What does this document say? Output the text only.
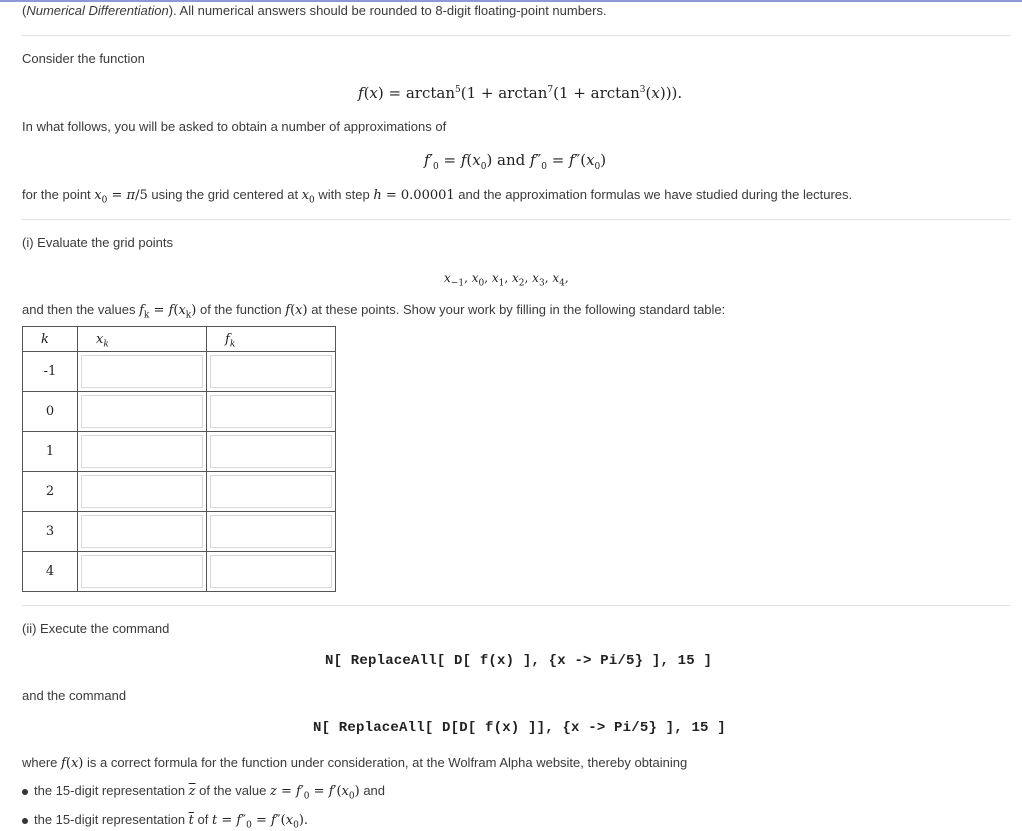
(Numerical Differentiation). All numerical answers should be rounded to 8-digit floating-point numbers.
Consider the function
$f(x) = \arctan^5(1 + \arctan^7(1 + \arctan^3(x)))$.
In what follows, you will be asked to obtain a number of approximations of
$f'_0 = f(x_0)$ and $f''_0 = f''(x_0)$
for the point $x_0 = \pi/5$ using the grid centered at $x_0$ with step h = 0.00001 and the approximation formulas we have studied during the lectures.
(i) Evaluate the grid points
$x_{-1}$, $x_0$, $x_1$, $x_2$, $x_3$, $x_4$,
and then the values $f_k = f(x_k)$ of the function f(x) at these points. Show your work by filling in the following standard table:
k	$x_k$	$f_k$
-1	

0	

1	

2	

3	

4	

(ii) Execute the command
N[ ReplaceAll[ D[ f(x) ], {x -> Pi/5} ], 15 ]
and the command
N[ ReplaceAll[ D[D[ f(x) ]], {x -> Pi/5} ], 15 ]
where f(x) is a correct formula for the function under consideration, at the Wolfram Alpha website, thereby obtaining
the 15-digit representation $\overline{z}$ of the value $z = f'_0 = f'(x_0)$ and
the 15-digit representation $\overline{t}$ of $t = f''_0 = f''(x_0)$.
